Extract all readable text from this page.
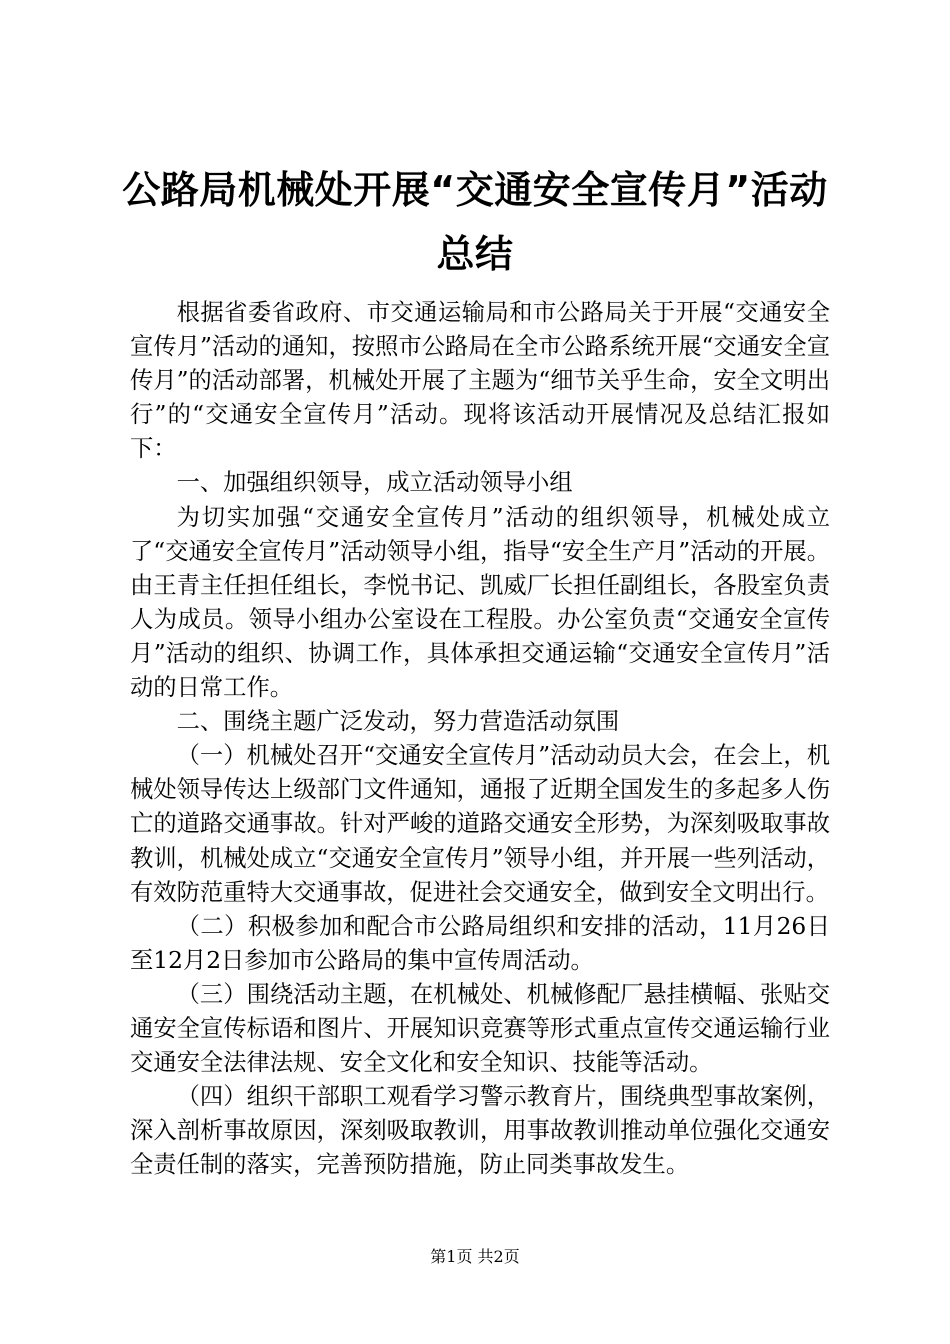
公路局机械处开展“交通安全宣传月”活动总结

根据省委省政府、市交通运输局和市公路局关于开展“交通安全宣传月”活动的通知，按照市公路局在全市公路系统开展“交通安全宣传月”的活动部署，机械处开展了主题为“细节关乎生命，安全文明出行”的“交通安全宣传月”活动。现将该活动开展情况及总结汇报如下：

一、加强组织领导，成立活动领导小组

为切实加强“交通安全宣传月”活动的组织领导，机械处成立了“交通安全宣传月”活动领导小组，指导“安全生产月”活动的开展。由王青主任担任组长，李悦书记、凯威厂长担任副组长，各股室负责人为成员。领导小组办公室设在工程股。办公室负责“交通安全宣传月”活动的组织、协调工作，具体承担交通运输“交通安全宣传月”活动的日常工作。

二、围绕主题广泛发动，努力营造活动氛围

（一）机械处召开“交通安全宣传月”活动动员大会，在会上，机械处领导传达上级部门文件通知，通报了近期全国发生的多起多人伤亡的道路交通事故。针对严峻的道路交通安全形势，为深刻吸取事故教训，机械处成立“交通安全宣传月”领导小组，并开展一些列活动，有效防范重特大交通事故，促进社会交通安全，做到安全文明出行。

（二）积极参加和配合市公路局组织和安排的活动，11月26日至12月2日参加市公路局的集中宣传周活动。

（三）围绕活动主题，在机械处、机械修配厂悬挂横幅、张贴交通安全宣传标语和图片、开展知识竞赛等形式重点宣传交通运输行业交通安全法律法规、安全文化和安全知识、技能等活动。

（四）组织干部职工观看学习警示教育片，围绕典型事故案例，深入剖析事故原因，深刻吸取教训，用事故教训推动单位强化交通安全责任制的落实，完善预防措施，防止同类事故发生。

第1页 共2页
